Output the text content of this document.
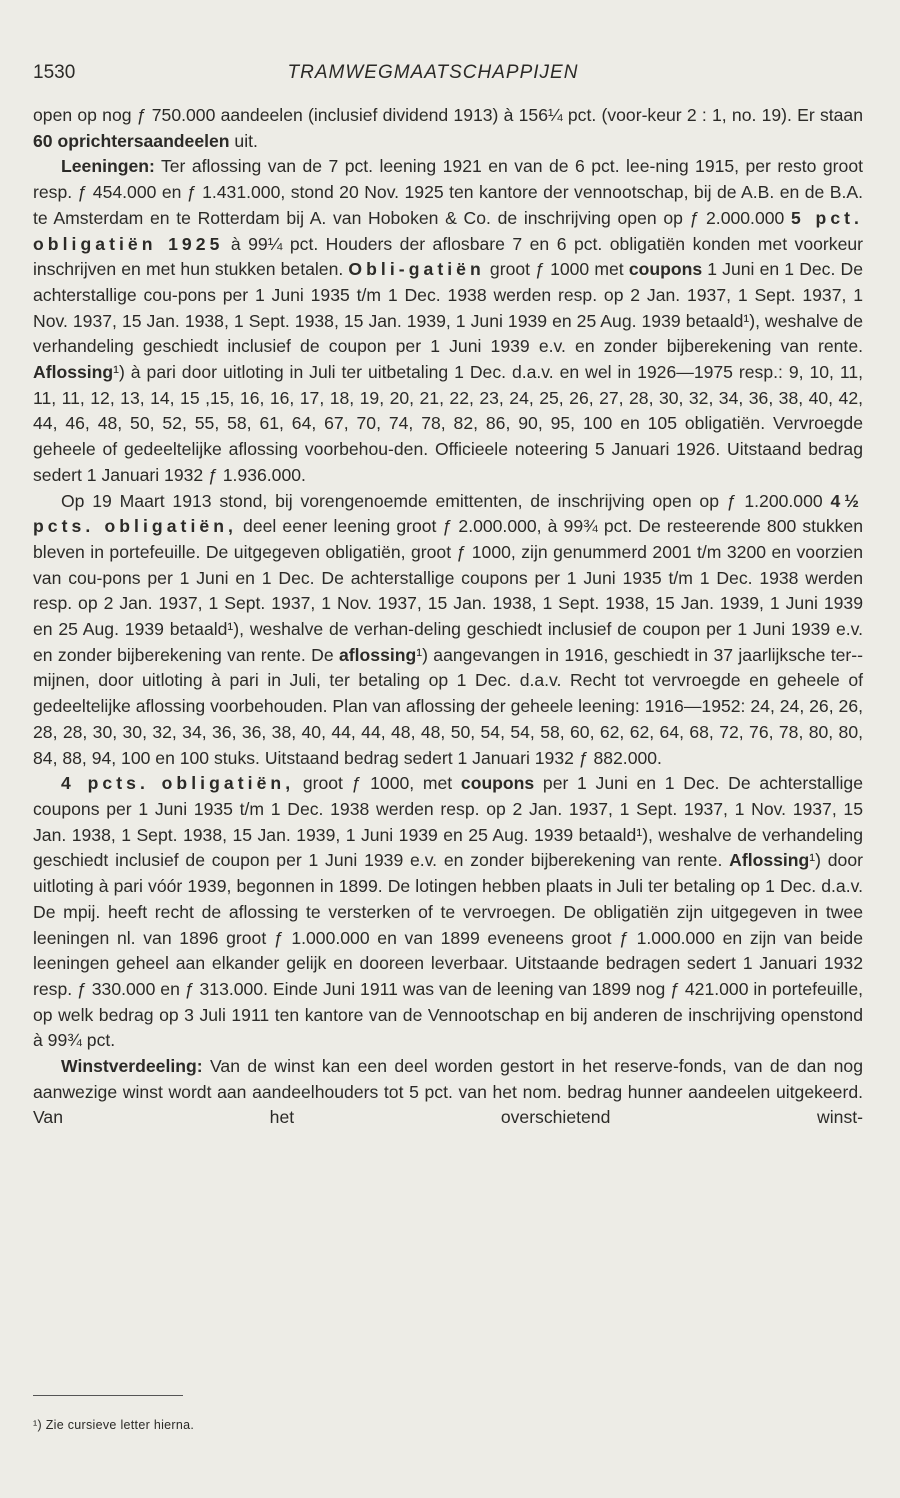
1530	TRAMWEGMAATSCHAPPIJEN

open op nog ƒ 750.000 aandeelen (inclusief dividend 1913) à 156¼ pct. (voor-keur 2 : 1, no. 19). Er staan 60 oprichtersaandeelen uit.

Leeningen: Ter aflossing van de 7 pct. leening 1921 en van de 6 pct. lee-ning 1915, per resto groot resp. ƒ 454.000 en ƒ 1.431.000, stond 20 Nov. 1925 ten kantore der vennootschap, bij de A.B. en de B.A. te Amsterdam en te Rotterdam bij A. van Hoboken & Co. de inschrijving open op ƒ 2.000.000 5 pct. obligatiën 1925 à 99¼ pct. Houders der aflosbare 7 en 6 pct. obligatiën konden met voorkeur inschrijven en met hun stukken betalen. Obli-gatiën groot ƒ 1000 met coupons 1 Juni en 1 Dec. De achterstallige cou-pons per 1 Juni 1935 t/m 1 Dec. 1938 werden resp. op 2 Jan. 1937, 1 Sept. 1937, 1 Nov. 1937, 15 Jan. 1938, 1 Sept. 1938, 15 Jan. 1939, 1 Juni 1939 en 25 Aug. 1939 betaald¹), weshalve de verhandeling geschiedt inclusief de coupon per 1 Juni 1939 e.v. en zonder bijberekening van rente. Aflossing¹) à pari door uitloting in Juli ter uitbetaling 1 Dec. d.a.v. en wel in 1926—1975 resp.: 9, 10, 11, 11, 11, 12, 13, 14, 15 ,15, 16, 16, 17, 18, 19, 20, 21, 22, 23, 24, 25, 26, 27, 28, 30, 32, 34, 36, 38, 40, 42, 44, 46, 48, 50, 52, 55, 58, 61, 64, 67, 70, 74, 78, 82, 86, 90, 95, 100 en 105 obligatiën. Vervroegde geheele of gedeeltelijke aflossing voorbehou-den. Officieele noteering 5 Januari 1926. Uitstaand bedrag sedert 1 Januari 1932 ƒ 1.936.000.

Op 19 Maart 1913 stond, bij vorengenoemde emittenten, de inschrijving open op ƒ 1.200.000 4½ pcts. obligatiën, deel eener leening groot ƒ 2.000.000, à 99¾ pct. De resteerende 800 stukken bleven in portefeuille. De uitgegeven obligatiën, groot ƒ 1000, zijn genummerd 2001 t/m 3200 en voorzien van cou-pons per 1 Juni en 1 Dec. De achterstallige coupons per 1 Juni 1935 t/m 1 Dec. 1938 werden resp. op 2 Jan. 1937, 1 Sept. 1937, 1 Nov. 1937, 15 Jan. 1938, 1 Sept. 1938, 15 Jan. 1939, 1 Juni 1939 en 25 Aug. 1939 betaald¹), weshalve de verhan-deling geschiedt inclusief de coupon per 1 Juni 1939 e.v. en zonder bijberekening van rente. De aflossing¹) aangevangen in 1916, geschiedt in 37 jaarlijksche ter-mijnen, door uitloting à pari in Juli, ter betaling op 1 Dec. d.a.v. Recht tot vervroegde en geheele of gedeeltelijke aflossing voorbehouden. Plan van aflossing der geheele leening: 1916—1952: 24, 24, 26, 26, 28, 28, 30, 30, 32, 34, 36, 36, 38, 40, 44, 44, 48, 48, 50, 54, 54, 58, 60, 62, 62, 64, 68, 72, 76, 78, 80, 80, 84, 88, 94, 100 en 100 stuks. Uitstaand bedrag sedert 1 Januari 1932 ƒ 882.000.

4 pcts. obligatiën, groot ƒ 1000, met coupons per 1 Juni en 1 Dec. De achterstallige coupons per 1 Juni 1935 t/m 1 Dec. 1938 werden resp. op 2 Jan. 1937, 1 Sept. 1937, 1 Nov. 1937, 15 Jan. 1938, 1 Sept. 1938, 15 Jan. 1939, 1 Juni 1939 en 25 Aug. 1939 betaald¹), weshalve de verhandeling geschiedt inclusief de coupon per 1 Juni 1939 e.v. en zonder bijberekening van rente. Aflossing¹) door uitloting à pari vóór 1939, begonnen in 1899. De lotingen hebben plaats in Juli ter betaling op 1 Dec. d.a.v. De mpij. heeft recht de aflossing te versterken of te vervroegen. De obligatiën zijn uitgegeven in twee leeningen nl. van 1896 groot ƒ 1.000.000 en van 1899 eveneens groot ƒ 1.000.000 en zijn van beide leeningen geheel aan elkander gelijk en dooreen leverbaar. Uitstaande bedragen sedert 1 Januari 1932 resp. ƒ 330.000 en ƒ 313.000. Einde Juni 1911 was van de leening van 1899 nog ƒ 421.000 in portefeuille, op welk bedrag op 3 Juli 1911 ten kantore van de Vennootschap en bij anderen de inschrijving openstond à 99¾ pct.

Winstverdeeling: Van de winst kan een deel worden gestort in het reserve-fonds, van de dan nog aanwezige winst wordt aan aandeelhouders tot 5 pct. van het nom. bedrag hunner aandeelen uitgekeerd. Van het overschietend winst-

¹) Zie cursieve letter hierna.
